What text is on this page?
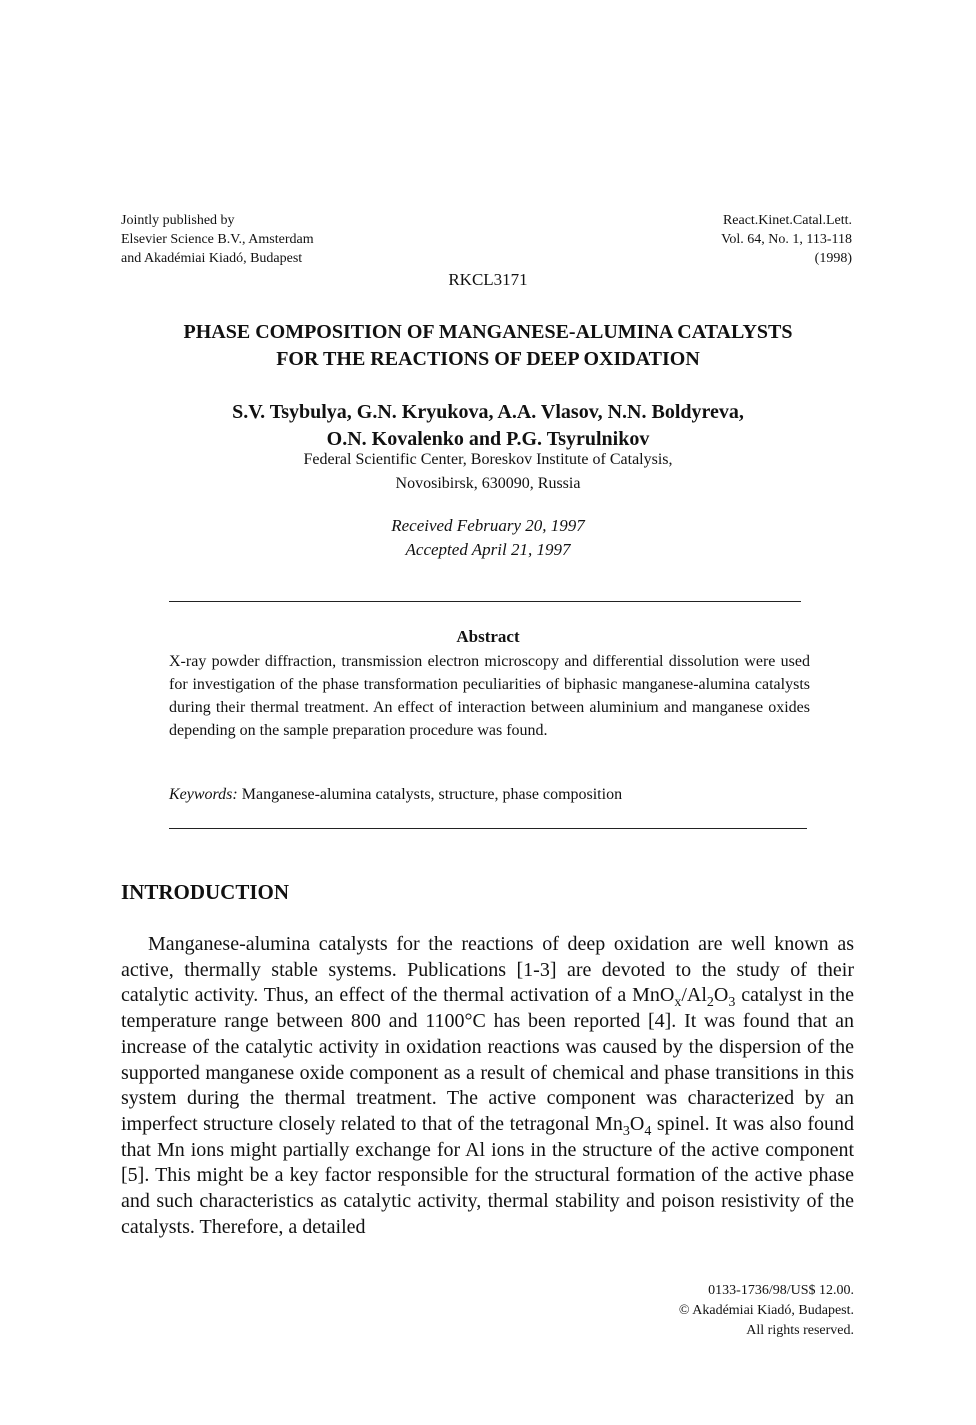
Jointly published by
Elsevier Science B.V., Amsterdam
and Akadémiai Kiadó, Budapest
React.Kinet.Catal.Lett.
Vol. 64, No. 1, 113-118
(1998)
RKCL3171
PHASE COMPOSITION OF MANGANESE-ALUMINA CATALYSTS
FOR THE REACTIONS OF DEEP OXIDATION
S.V. Tsybulya, G.N. Kryukova, A.A. Vlasov, N.N. Boldyreva,
O.N. Kovalenko and P.G. Tsyrulnikov
Federal Scientific Center, Boreskov Institute of Catalysis,
Novosibirsk, 630090, Russia
Received February 20, 1997
Accepted April 21, 1997
Abstract
X-ray powder diffraction, transmission electron microscopy and differential dissolution were used for investigation of the phase transformation peculiarities of biphasic manganese-alumina catalysts during their thermal treatment. An effect of interaction between aluminium and manganese oxides depending on the sample preparation procedure was found.
Keywords: Manganese-alumina catalysts, structure, phase composition
INTRODUCTION

Manganese-alumina catalysts for the reactions of deep oxidation are well known as active, thermally stable systems. Publications [1-3] are devoted to the study of their catalytic activity. Thus, an effect of the thermal activation of a $MnO_x/Al_2O_3$ catalyst in the temperature range between 800 and 1100°C has been reported [4]. It was found that an increase of the catalytic activity in oxidation reactions was caused by the dispersion of the supported manganese oxide component as a result of chemical and phase transitions in this system during the thermal treatment. The active component was characterized by an imperfect structure closely related to that of the tetragonal $Mn_3O_4$ spinel. It was also found that Mn ions might partially exchange for Al ions in the structure of the active component [5]. This might be a key factor responsible for the structural formation of the active phase and such characteristics as catalytic activity, thermal stability and poison resistivity of the catalysts. Therefore, a detailed

0133-1736/98/US$ 12.00.
© Akadémiai Kiadó, Budapest.
All rights reserved.
